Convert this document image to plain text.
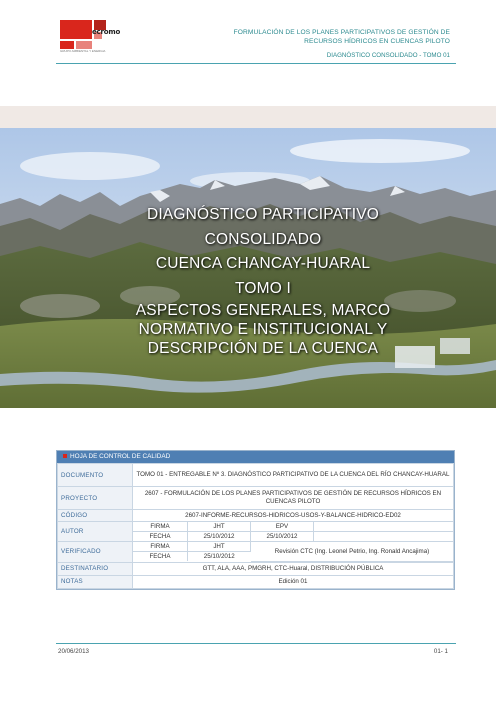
ecromo
GRUPO AMBIENTAL Y ENERGIA
FORMULACIÓN DE LOS PLANES PARTICIPATIVOS DE GESTIÓN DE
RECURSOS HÍDRICOS EN CUENCAS PILOTO
DIAGNÓSTICO CONSOLIDADO - TOMO 01
DIAGNÓSTICO PARTICIPATIVO
CONSOLIDADO
CUENCA CHANCAY-HUARAL
TOMO I
ASPECTOS GENERALES, MARCO NORMATIVO E INSTITUCIONAL Y DESCRIPCIÓN DE LA CUENCA
HOJA DE CONTROL DE CALIDAD
DOCUMENTO	TOMO 01 - ENTREGABLE Nº 3. DIAGNÓSTICO PARTICIPATIVO DE LA CUENCA DEL RÍO CHANCAY-HUARAL
PROYECTO	2607 - FORMULACIÓN DE LOS PLANES PARTICIPATIVOS DE GESTIÓN DE RECURSOS HÍDRICOS EN CUENCAS PILOTO
CÓDIGO	2607-INFORME-RECURSOS-HIDRICOS-USOS-Y-BALANCE-HIDRICO-ED02
AUTOR	
FIRMA	JHT	EPV	
FECHA	25/10/2012	25/10/2012	

VERIFICADO	
FIRMA	JHT	Revisión CTC (Ing. Leonel Petrio, Ing. Ronald Ancajima)
FECHA	25/10/2012

DESTINATARIO	GTT, ALA, AAA, PMGRH, CTC-Huaral, DISTRIBUCIÓN PÚBLICA
NOTAS	Edición 01
20/06/2013	01- 1
